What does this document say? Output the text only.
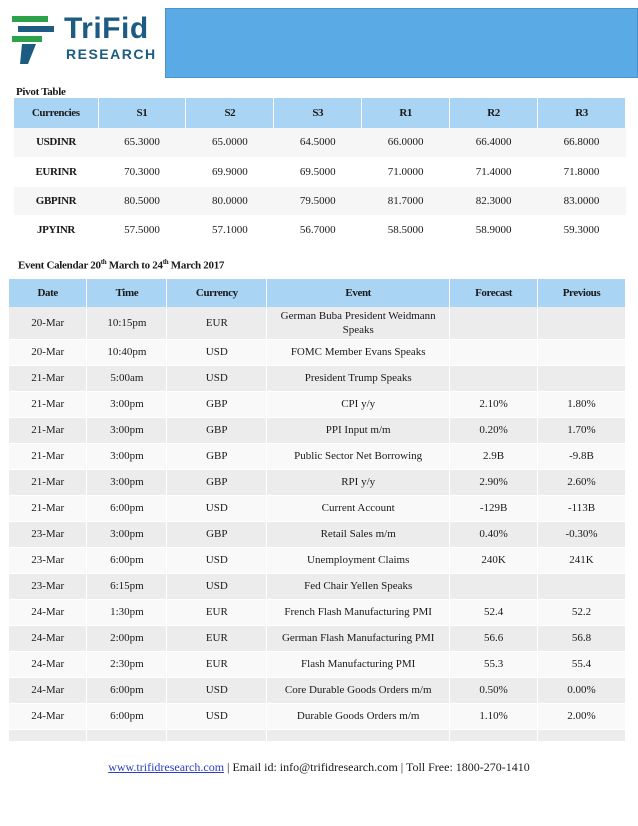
TriFid
RESEARCH
Pivot Table
Currencies	S1	S2	S3	R1	R2	R3
USDINR	65.3000	65.0000	64.5000	66.0000	66.4000	66.8000
EURINR	70.3000	69.9000	69.5000	71.0000	71.4000	71.8000
GBPINR	80.5000	80.0000	79.5000	81.7000	82.3000	83.0000
JPYINR	57.5000	57.1000	56.7000	58.5000	58.9000	59.3000
Event Calendar 20th March to 24th March 2017
Date	Time	Currency	Event	Forecast	Previous
20-Mar	10:15pm	EUR	German Buba President Weidmann Speaks		
20-Mar	10:40pm	USD	FOMC Member Evans Speaks		
21-Mar	5:00am	USD	President Trump Speaks		
21-Mar	3:00pm	GBP	CPI y/y	2.10%	1.80%
21-Mar	3:00pm	GBP	PPI Input m/m	0.20%	1.70%
21-Mar	3:00pm	GBP	Public Sector Net Borrowing	2.9B	-9.8B
21-Mar	3:00pm	GBP	RPI y/y	2.90%	2.60%
21-Mar	6:00pm	USD	Current Account	-129B	-113B
23-Mar	3:00pm	GBP	Retail Sales m/m	0.40%	-0.30%
23-Mar	6:00pm	USD	Unemployment Claims	240K	241K
23-Mar	6:15pm	USD	Fed Chair Yellen Speaks		
24-Mar	1:30pm	EUR	French Flash Manufacturing PMI	52.4	52.2
24-Mar	2:00pm	EUR	German Flash Manufacturing PMI	56.6	56.8
24-Mar	2:30pm	EUR	Flash Manufacturing PMI	55.3	55.4
24-Mar	6:00pm	USD	Core Durable Goods Orders m/m	0.50%	0.00%
24-Mar	6:00pm	USD	Durable Goods Orders m/m	1.10%	2.00%

www.trifidresearch.com | Email id: info@trifidresearch.com | Toll Free: 1800-270-1410
